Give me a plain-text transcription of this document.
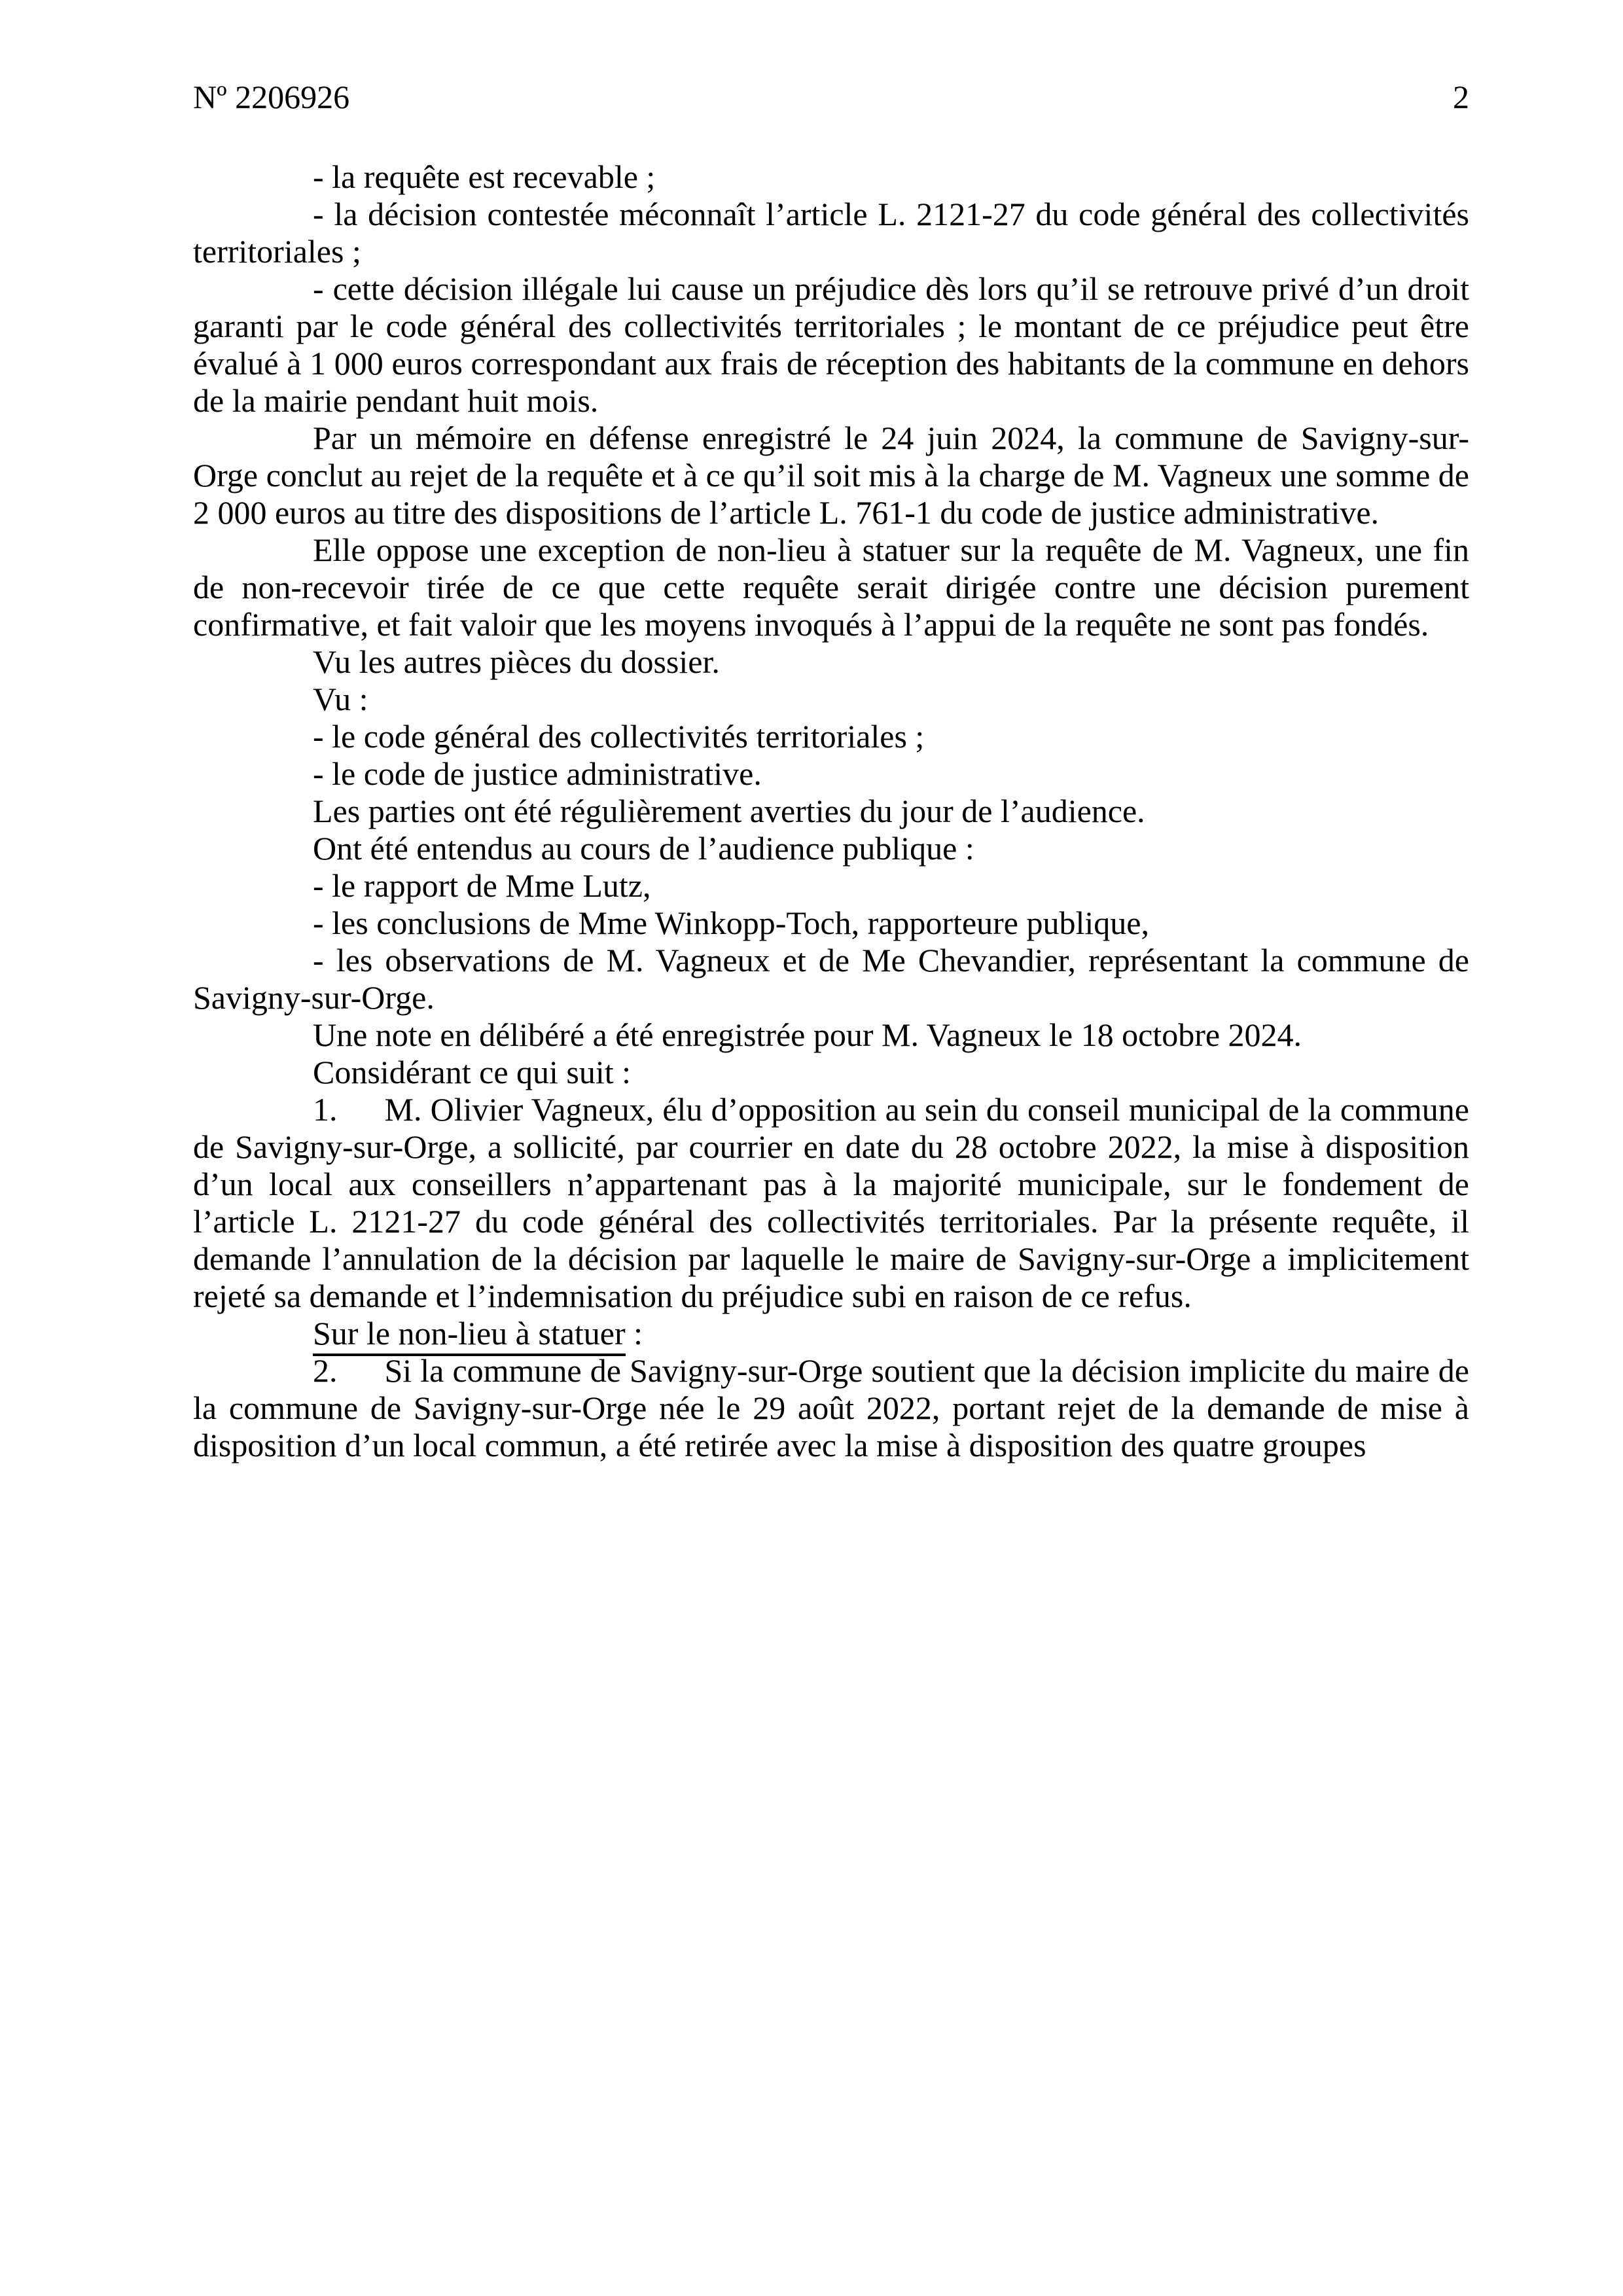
Nº 2206926	2

- la requête est recevable ;

- la décision contestée méconnaît l’article L. 2121-27 du code général des collectivités territoriales ;

- cette décision illégale lui cause un préjudice dès lors qu’il se retrouve privé d’un droit garanti par le code général des collectivités territoriales ; le montant de ce préjudice peut être évalué à 1 000 euros correspondant aux frais de réception des habitants de la commune en dehors de la mairie pendant huit mois.

Par un mémoire en défense enregistré le 24 juin 2024, la commune de Savigny-sur-Orge conclut au rejet de la requête et à ce qu’il soit mis à la charge de M. Vagneux une somme de 2 000 euros au titre des dispositions de l’article L. 761-1 du code de justice administrative.

Elle oppose une exception de non-lieu à statuer sur la requête de M. Vagneux, une fin de non-recevoir tirée de ce que cette requête serait dirigée contre une décision purement confirmative, et fait valoir que les moyens invoqués à l’appui de la requête ne sont pas fondés.

Vu les autres pièces du dossier.

Vu :

- le code général des collectivités territoriales ;

- le code de justice administrative.

Les parties ont été régulièrement averties du jour de l’audience.

Ont été entendus au cours de l’audience publique :

- le rapport de Mme Lutz,

- les conclusions de Mme Winkopp-Toch, rapporteure publique,

- les observations de M. Vagneux et de Me Chevandier, représentant la commune de Savigny-sur-Orge.

Une note en délibéré a été enregistrée pour M. Vagneux le 18 octobre 2024.

Considérant ce qui suit :

1. M. Olivier Vagneux, élu d’opposition au sein du conseil municipal de la commune de Savigny-sur-Orge, a sollicité, par courrier en date du 28 octobre 2022, la mise à disposition d’un local aux conseillers n’appartenant pas à la majorité municipale, sur le fondement de l’article L. 2121-27 du code général des collectivités territoriales. Par la présente requête, il demande l’annulation de la décision par laquelle le maire de Savigny-sur-Orge a implicitement rejeté sa demande et l’indemnisation du préjudice subi en raison de ce refus.

Sur le non-lieu à statuer :

2. Si la commune de Savigny-sur-Orge soutient que la décision implicite du maire de la commune de Savigny-sur-Orge née le 29 août 2022, portant rejet de la demande de mise à disposition d’un local commun, a été retirée avec la mise à disposition des quatre groupes
